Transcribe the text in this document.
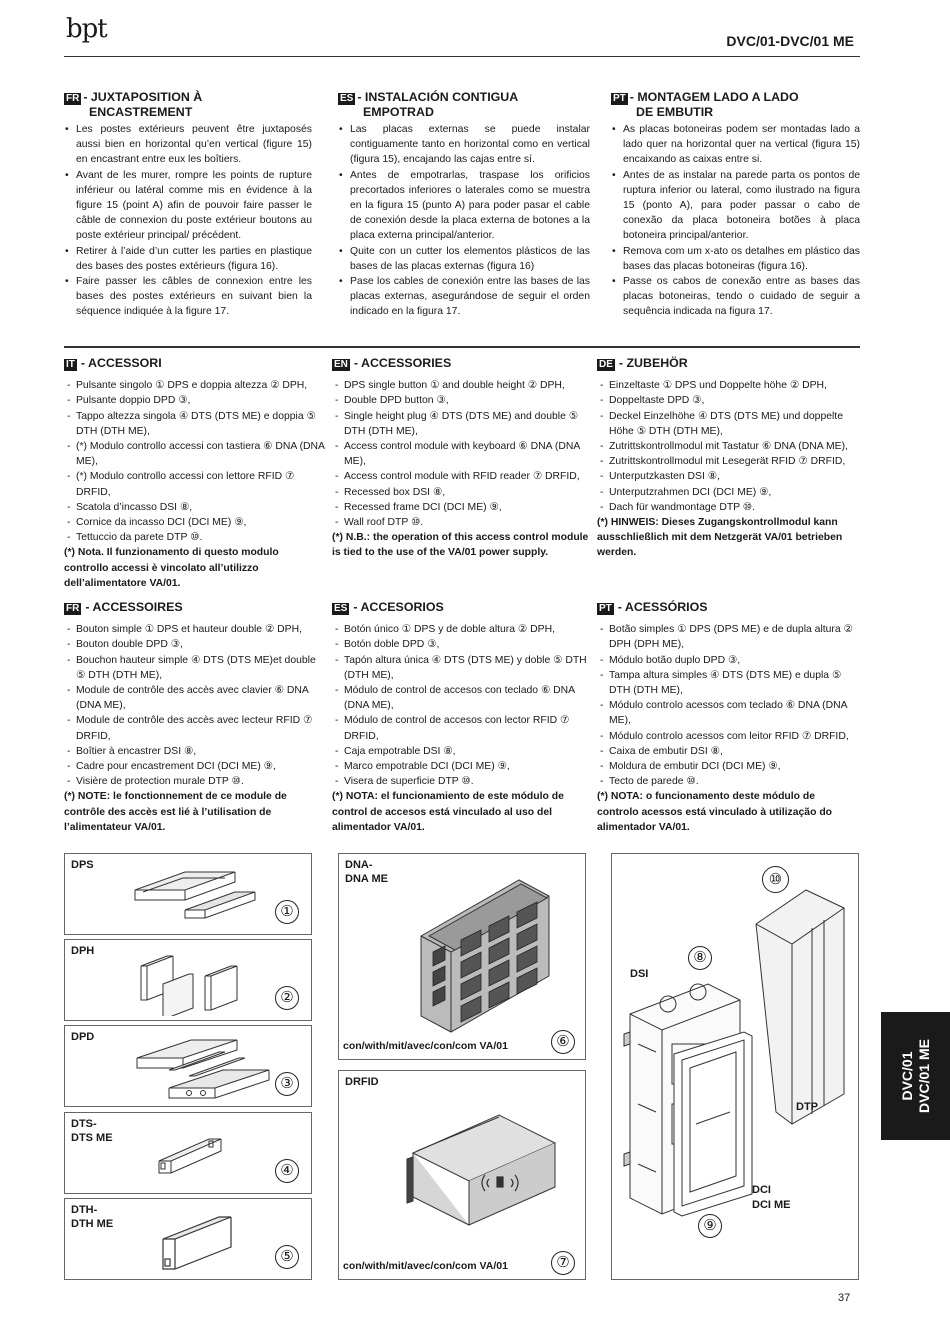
bpt	DVC/01-DVC/01 ME
FR - JUXTAPOSITION À
ENCASTREMENT
• Les postes extérieurs peuvent être juxtaposés aussi bien en horizontal qu’en vertical (figure 15) en encastrant entre eux les boîtiers.
• Avant de les murer, rompre les points de rupture inférieur ou latéral comme mis en évidence à la figure 15 (point A) afin de pouvoir faire passer le câble de connexion du poste extérieur boutons au poste extérieur principal/ précédent.
• Retirer à l’aide d’un cutter les parties en plastique des bases des postes extérieurs (figura 16).
• Faire passer les câbles de connexion entre les bases des postes extérieurs en suivant bien la séquence indiquée à la figure 17.
ES - INSTALACIÓN CONTIGUA
EMPOTRAD
• Las placas externas se puede instalar contiguamente tanto en horizontal como en vertical (figura 15), encajando las cajas entre sí.
• Antes de empotrarlas, traspase los orificios precortados inferiores o laterales como se muestra en la figura 15 (punto A) para poder pasar el cable de conexión desde la placa externa de botones a la placa externa principal/anterior.
• Quite con un cutter los elementos plásticos de las bases de las placas externas (figura 16)
• Pase los cables de conexión entre las bases de las placas externas, asegurándose de seguir el orden indicado en la figura 17.
PT - MONTAGEM LADO A LADO
DE EMBUTIR
• As placas botoneiras podem ser montadas lado a lado quer na horizontal quer na vertical (figura 15) encaixando as caixas entre si.
• Antes de as instalar na parede parta os pontos de ruptura inferior ou lateral, como ilustrado na figura 15 (ponto A), para poder passar o cabo de conexão da placa botoneira botões à placa botoneira principal/anterior.
• Remova com um x-ato os detalhes em plástico das bases das placas botoneiras (figura 16).
• Passe os cabos de conexão entre as bases das placas botoneiras, tendo o cuidado de seguir a sequência indicada na figura 17.
IT - ACCESSORI
- Pulsante singolo ① DPS e doppia altezza ② DPH,
- Pulsante doppio DPD ③,
- Tappo altezza singola ④ DTS (DTS ME) e doppia ⑤ DTH (DTH ME),
- (*) Modulo controllo accessi con tastiera ⑥ DNA (DNA ME),
- (*) Modulo controllo accessi con lettore RFID ⑦ DRFID,
- Scatola d’incasso DSI ⑧,
- Cornice da incasso DCI (DCI ME) ⑨,
- Tettuccio da parete DTP ⑩.
(*) Nota. Il funzionamento di questo modulo controllo accessi è vincolato all’utilizzo dell’alimentatore VA/01.
EN - ACCESSORIES
- DPS single button ① and double height ② DPH,
- Double DPD button ③,
- Single height plug ④ DTS (DTS ME) and double ⑤ DTH (DTH ME),
- Access control module with keyboard ⑥ DNA (DNA ME),
- Access control module with RFID reader ⑦ DRFID,
- Recessed box DSI ⑧,
- Recessed frame DCI (DCI ME) ⑨,
- Wall roof DTP ⑩.
(*) N.B.: the operation of this access control module is tied to the use of the VA/01 power supply.
DE - ZUBEHÖR
- Einzeltaste ① DPS und Doppelte höhe ② DPH,
- Doppeltaste DPD ③,
- Deckel Einzelhöhe ④ DTS (DTS ME) und doppelte Höhe ⑤ DTH (DTH ME),
- Zutrittskontrollmodul mit Tastatur ⑥ DNA (DNA ME),
- Zutrittskontrollmodul mit Lesegerät RFID ⑦ DRFID,
- Unterputzkasten DSI ⑧,
- Unterputzrahmen DCI (DCI ME) ⑨,
- Dach für wandmontage DTP ⑩.
(*) HINWEIS: Dieses Zugangskontrollmodul kann ausschließlich mit dem Netzgerät VA/01 betrieben werden.
FR - ACCESSOIRES
- Bouton simple ① DPS et hauteur double ② DPH,
- Bouton double DPD ③,
- Bouchon hauteur simple ④ DTS (DTS ME)et double ⑤ DTH (DTH ME),
- Module de contrôle des accès avec clavier ⑥ DNA (DNA ME),
- Module de contrôle des accès avec lecteur RFID ⑦ DRFID,
- Boîtier à encastrer DSI ⑧,
- Cadre pour encastrement DCI (DCI ME) ⑨,
- Visière de protection murale DTP ⑩.
(*) NOTE: le fonctionnement de ce module de contrôle des accès est lié à l’utilisation de l’alimentateur VA/01.
ES - ACCESORIOS
- Botón único ① DPS y de doble altura ② DPH,
- Botón doble DPD ③,
- Tapón altura única ④ DTS (DTS ME) y doble ⑤ DTH (DTH ME),
- Módulo de control de accesos con teclado ⑥ DNA (DNA ME),
- Módulo de control de accesos con lector RFID ⑦ DRFID,
- Caja empotrable DSI ⑧,
- Marco empotrable DCI (DCI ME) ⑨,
- Visera de superficie DTP ⑩.
(*) NOTA: el funcionamiento de este módulo de control de accesos está vinculado al uso del alimentador VA/01.
PT - ACESSÓRIOS
- Botão simples ① DPS (DPS ME) e de dupla altura ② DPH (DPH ME),
- Módulo botão duplo DPD ③,
- Tampa altura simples ④ DTS (DTS ME) e dupla ⑤ DTH (DTH ME),
- Módulo controlo acessos com teclado ⑥ DNA (DNA ME),
- Módulo controlo acessos com leitor RFID ⑦ DRFID,
- Caixa de embutir DSI ⑧,
- Moldura de embutir DCI (DCI ME) ⑨,
- Tecto de parede ⑩.
(*) NOTA: o funcionamento deste módulo de controlo acessos está vinculado à utilização do alimentador VA/01.
DPS
①
DPH
②
DPD
③
DTS-
DTS ME
④
DTH-
DTH ME
⑤
DNA-
DNA ME
con/with/mit/avec/con/com VA/01	⑥
DRFID
con/with/mit/avec/con/com VA/01	⑦
DSI
DTP
DCI
DCI ME
⑧
⑨
⑩
DVC/01
DVC/01 ME
37
